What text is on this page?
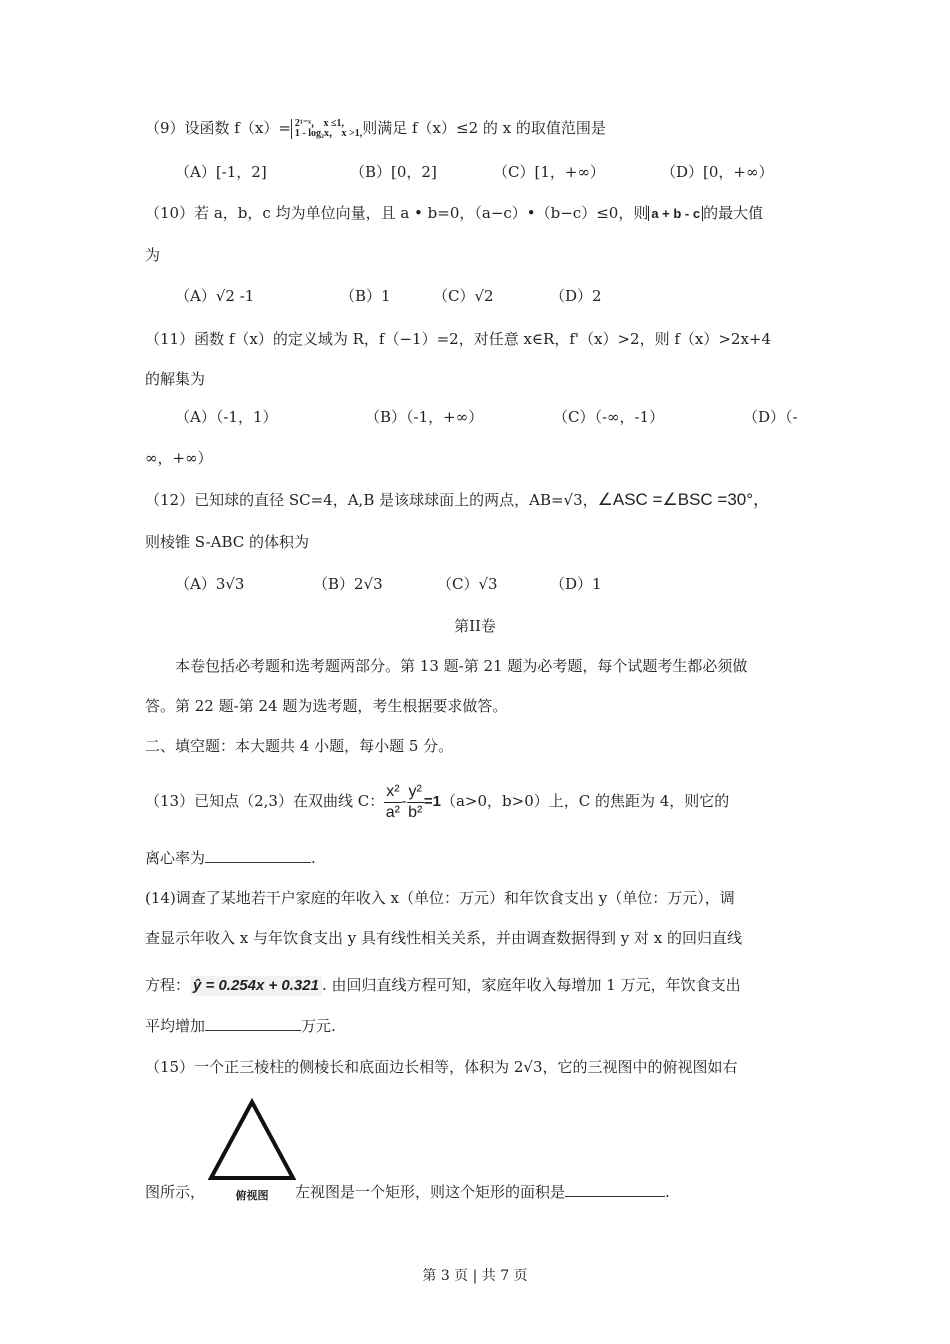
（9）设函数 f（x）= 2¹⁻ˣ， x ≤1,
1 - log₂x， x >1, 则满足 f（x）≤2 的 x 的取值范围是
（A）[-1，2]	（B）[0，2]	（C）[1，+∞）	（D）[0，+∞）
（10）若 a，b，c 均为单位向量，且 a • b=0，（a−c）•（b−c）≤0，则 a + b - c 的最大值
为
（A）√2 -1	（B）1	（C）√2	（D）2
（11）函数 f（x）的定义域为 R，f（−1）=2，对任意 x∈R，f'（x）>2，则 f（x）>2x+4
的解集为
（A）（-1，1）	（B）（-1，+∞）	（C）（-∞，-1）	（D）（-
∞，+∞）
（12）已知球的直径 SC=4，A,B 是该球球面上的两点，AB=√3，∠ASC =∠BSC =30°，
则棱锥 S-ABC 的体积为
（A）3√3	（B）2√3	（C）√3	（D）1
第II卷
本卷包括必考题和选考题两部分。第 13 题-第 21 题为必考题，每个试题考生都必须做
答。第 22 题-第 24 题为选考题，考生根据要求做答。
二、填空题：本大题共 4 小题，每小题 5 分。
（13）已知点（2,3）在双曲线 C： $\frac{\text{x²}}{\text{a²}} - \frac{\text{y²}}{\text{b²}} =1(a>0$，b>0）上，C 的焦距为 4，则它的
离心率为	.
(14)调查了某地若干户家庭的年收入 x（单位：万元）和年饮食支出 y（单位：万元），调
查显示年收入 x 与年饮食支出 y 具有线性相关关系，并由调查数据得到 y 对 x 的回归直线
方程： ŷ = 0.254x + 0.321 . 由回归直线方程可知，家庭年收入每增加 1 万元，年饮食支出
平均增加	万元.
（15）一个正三棱柱的侧棱长和底面边长相等，体积为 2√3，它的三视图中的俯视图如右
俯视图
图所示，	左视图是一个矩形，则这个矩形的面积是	.
第 3 页 | 共 7 页
